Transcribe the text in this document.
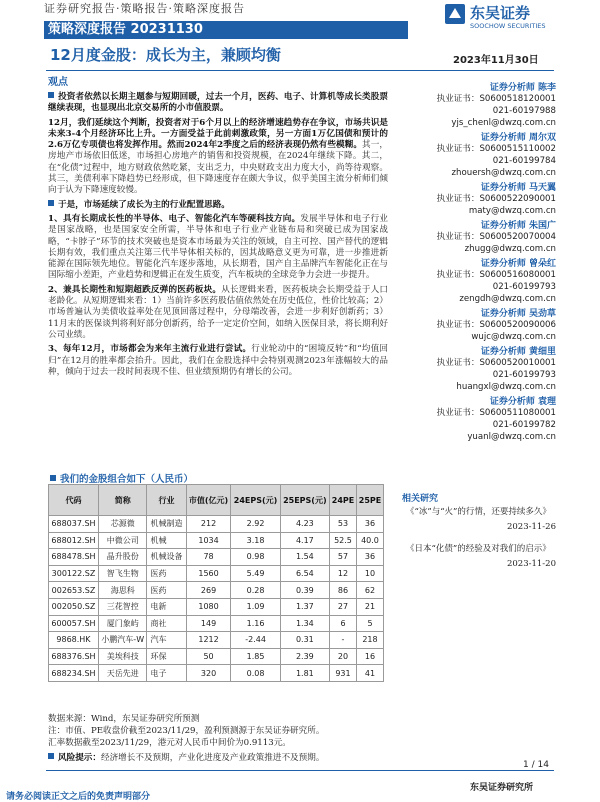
证券研究报告·策略报告·策略深度报告
策略深度报告 20231130
东吴证券
SOOCHOW SECURITIES
12月度金股：成长为主，兼顾均衡	2023年11月30日
观点

投资者依然以长期主题参与短期回暖，过去一个月，医药、电子、计算机等成长类股票继续表现，也显现出北京交易所的小市值股票。

12月，我们延续这个判断，投资者对于6个月以上的经济增速趋势存在争议，市场共识是未来3-4个月经济环比上升。一方面受益于此前刺激政策，另一方面1万亿国债和预计的2.6万亿专项债也将发挥作用。然而2024年2季度之后的经济表现仍然有些模糊。其一，房地产市场依旧低迷，市场担心房地产的销售和投资规模，在2024年继续下降。其二，在“化债”过程中，地方财政依然吃紧，支出乏力，中央财政支出力度大小，尚等待观察。其三，美债利率下降趋势已经形成，但下降速度存在颇大争议，似乎美国主流分析师们倾向于认为下降速度较慢。

于是，市场延续了成长为主的行业配置思路。

1、具有长期成长性的半导体、电子、智能化汽车等硬科技方向。发展半导体和电子行业是国家战略，也是国家安全所需，半导体和电子行业产业链布局和突破已成为国家战略，“卡脖子”环节的技术突破也是资本市场最为关注的领域，自主可控、国产替代的逻辑长期有效，我们重点关注第三代半导体相关标的，因其战略意义更为可靠，进一步推进新能源在国际领先地位。智能化汽车逐步落地，从长期看，国产自主品牌汽车智能化正在与国际缩小差距，产业趋势和逻辑正在发生质变，汽车板块的全球竞争力会进一步提升。

2、兼具长期性和短期超跌反弹的医药板块。从长逻辑来看，医药板块会长期受益于人口老龄化。从短期逻辑来看：1）当前许多医药股估值依然处在历史低位，性价比较高；2）市场普遍认为美债收益率处在见顶回落过程中，分母端改善，会进一步利好创新药；3）11月末的医保谈判将利好部分创新药，给予一定定价空间，如纳入医保目录，将长期利好公司业绩。

3、每年12月，市场都会为来年主流行业进行尝试。行业轮动中的“困境反转”和“均值回归”在12月的胜率都会抬升。因此，我们在金股选择中会特别观测2023年涨幅较大的品种，倾向于过去一段时间表现不佳、但业绩预期仍有增长的公司。

我们的金股组合如下（人民币）
代码	简称	行业	市值(亿元)	24EPS(元)	25EPS(元)	24PE	25PE
688037.SH	芯源微	机械制造	212	2.92	4.23	53	36
688012.SH	中微公司	机械	1034	3.18	4.17	52.5	40.0
688478.SH	晶升股份	机械设备	78	0.98	1.54	57	36
300122.SZ	智飞生物	医药	1560	5.49	6.54	12	10
002653.SZ	海思科	医药	269	0.28	0.39	86	62
002050.SZ	三花智控	电新	1080	1.09	1.37	27	21
600057.SH	厦门象屿	商社	149	1.16	1.34	6	5
9868.HK	小鹏汽车-W	汽车	1212	-2.44	0.31	-	218
688376.SH	美埃科技	环保	50	1.85	2.39	20	16
688234.SH	天岳先进	电子	320	0.08	1.81	931	41

数据来源：Wind，东吴证券研究所预测

注：市值、PE收盘价截至2023/11/29，盈利预测源于东吴证券研究所。

汇率数据截至2023/11/29，港元对人民币中间价为0.9113元。

风险提示：经济增长不及预期，产业化进度及产业政策推进不及预期。
证券分析师 陈李
执业证书：S0600518120001
021-60197988
yjs_chenl@dwzq.com.cn
证券分析师 周尔双
执业证书：S0600515110002
021-60199784
zhouersh@dwzq.com.cn
证券分析师 马天翼
执业证书：S0600522090001
maty@dwzq.com.cn
证券分析师 朱国广
执业证书：S0600520070004
zhugg@dwzq.com.cn
证券分析师 曾朵红
执业证书：S0600516080001
021-60199793
zengdh@dwzq.com.cn
证券分析师 吴劲草
执业证书：S0600520090006
wujc@dwzq.com.cn
证券分析师 黄细里
执业证书：S0600520010001
021-60199793
huangxl@dwzq.com.cn
证券分析师 袁理
执业证书：S0600511080001
021-60199782
yuanl@dwzq.com.cn
相关研究

《“冰”与“火”的行情，还要持续多久》

2023-11-26

《日本“化债”的经验及对我们的启示》

2023-11-20

1 / 14
东吴证券研究所
请务必阅读正文之后的免责声明部分
